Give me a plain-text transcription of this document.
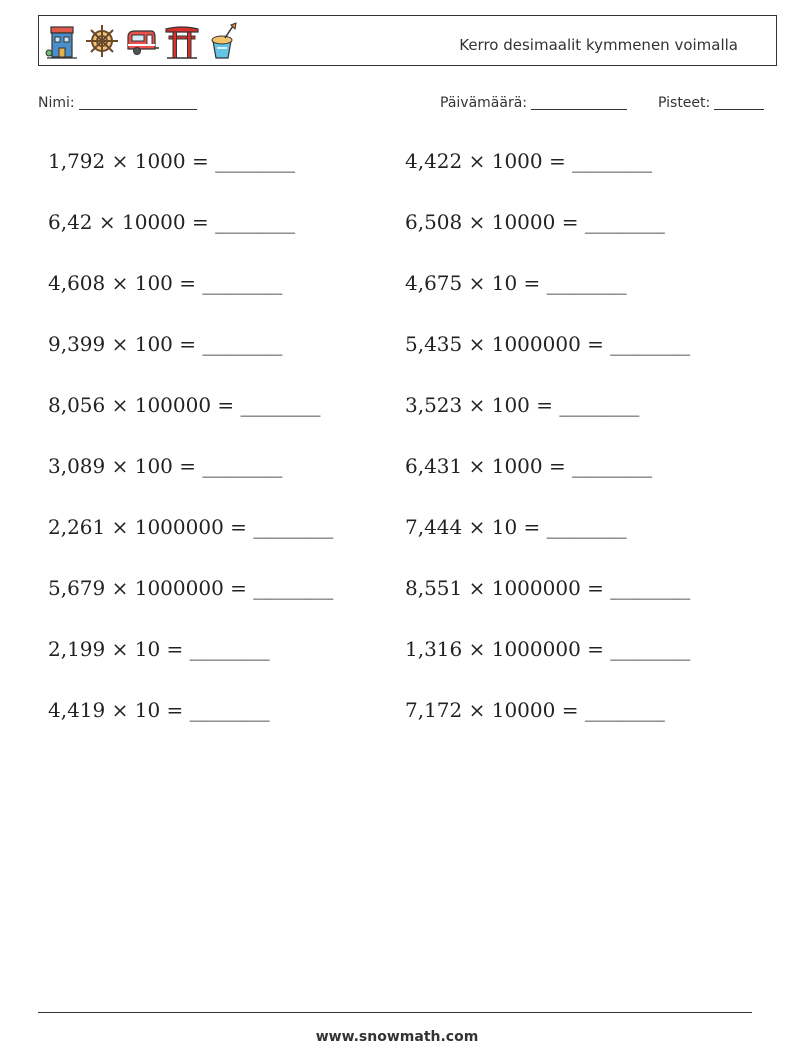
Kerro desimaalit kymmenen voimalla
Nimi:	Päivämäärä:	Pisteet:
1,792 × 1000 = ________
6,42 × 10000 = ________
4,608 × 100 = ________
9,399 × 100 = ________
8,056 × 100000 = ________
3,089 × 100 = ________
2,261 × 1000000 = ________
5,679 × 1000000 = ________
2,199 × 10 = ________
4,419 × 10 = ________
4,422 × 1000 = ________
6,508 × 10000 = ________
4,675 × 10 = ________
5,435 × 1000000 = ________
3,523 × 100 = ________
6,431 × 1000 = ________
7,444 × 10 = ________
8,551 × 1000000 = ________
1,316 × 1000000 = ________
7,172 × 10000 = ________
www.snowmath.com
